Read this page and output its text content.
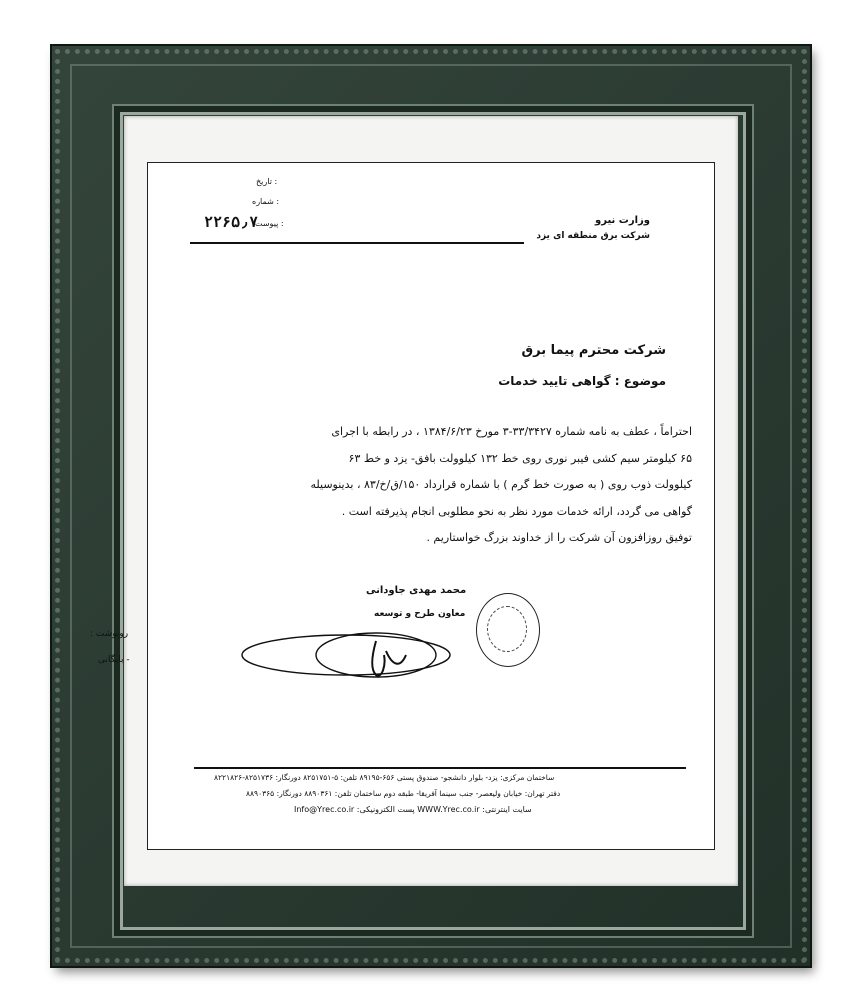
تاریخ :
شماره :
پیوست :
۲۲۶۵٫۷	وزارت نیرو
شرکت برق منطقه ای یزد
شرکت محترم پیما برق
موضوع : گواهی تایید خدمات

احتراماً ، عطف به نامه شماره ۳۳/۳۴۲۷-۳ مورخ ۱۳۸۴/۶/۲۳ ، در رابطه با اجرای

۶۵ کیلومتر سیم کشی فیبر نوری روی خط ۱۳۲ کیلوولت بافق- یزد و خط ۶۳

کیلوولت ذوب روی ( به صورت خط گرم ) با شماره قرارداد ۱۵۰/ق/خ/۸۳ ، بدینوسیله

گواهی می گردد، ارائه خدمات مورد نظر به نحو مطلوبی انجام پذیرفته است .

توفیق روزافزون آن شرکت را از خداوند بزرگ خواستاریم .

محمد مهدی جاودانی
معاون طرح و توسعه
رونوشت :
- بایگانی
ساختمان مرکزی: یزد- بلوار دانشجو- صندوق پستی ۶۵۶-۸۹۱۹۵ تلفن: ۵-۸۲۵۱۷۵۱ دورنگار: ۸۲۵۱۷۳۶-۸۲۲۱۸۲۶
دفتر تهران: خیابان ولیعصر- جنب سینما آفریقا- طبقه دوم ساختمان تلفن: ۸۸۹۰۳۶۱ دورنگار: ۸۸۹۰۳۶۵
سایت اینترنتی: WWW.Yrec.co.ir پست الکترونیکی: Info@Yrec.co.ir
